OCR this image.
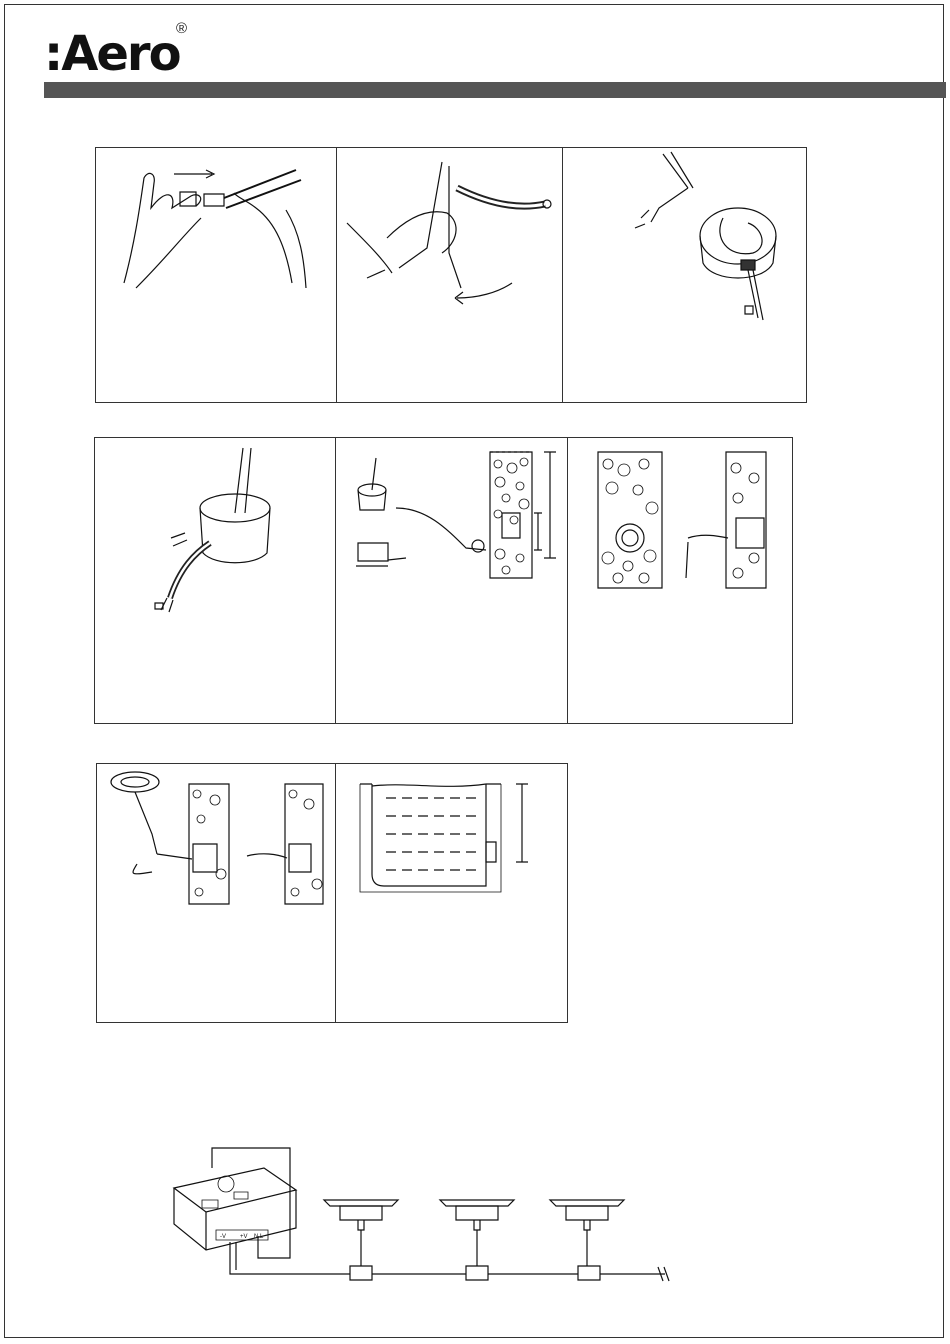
:Aero
®
-V +V N L
